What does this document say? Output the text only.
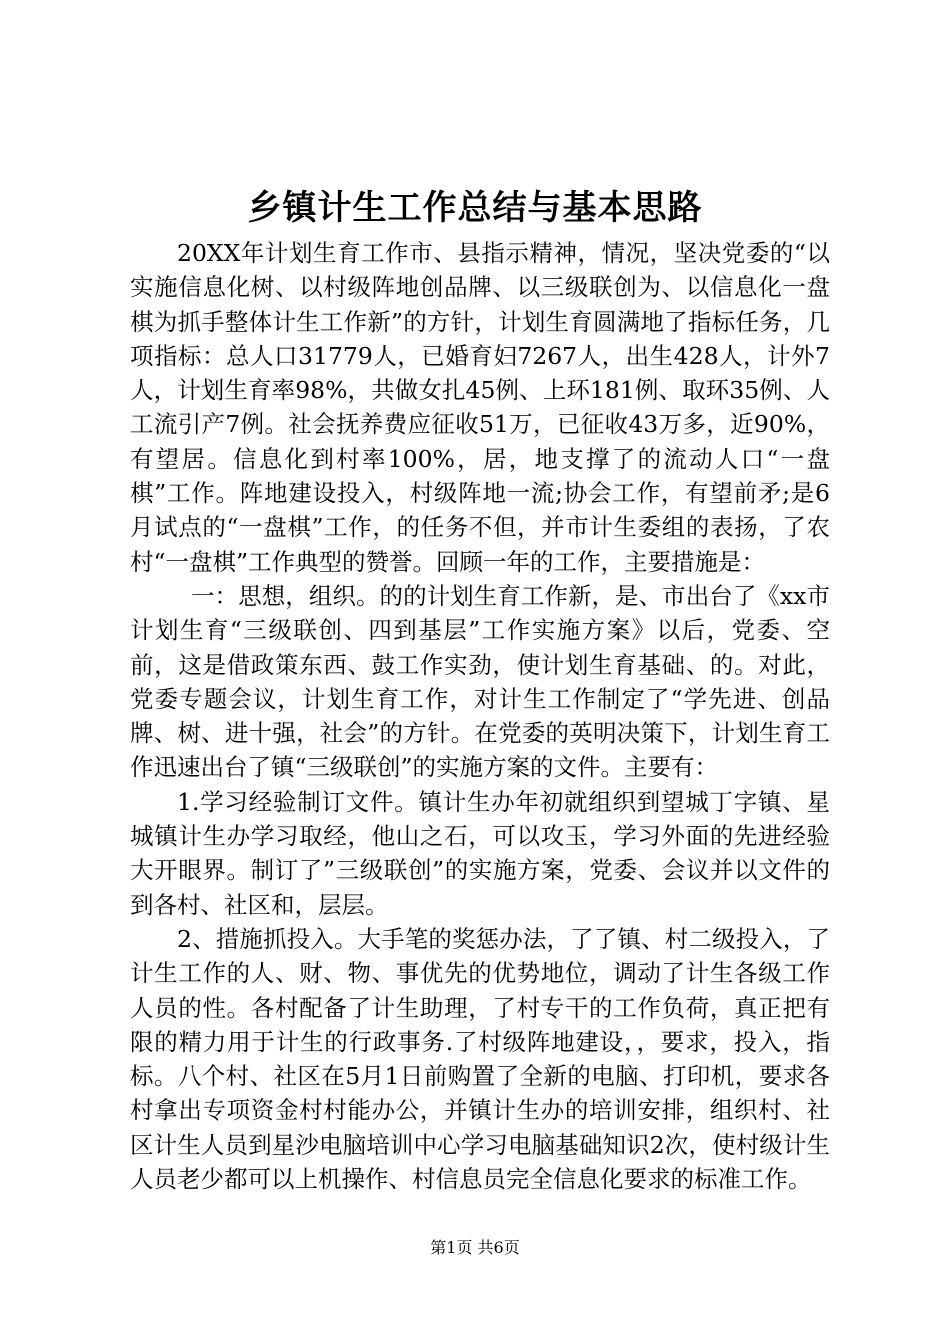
乡镇计生工作总结与基本思路

20XX年计划生育工作市、县指示精神，情况，坚决党委的“以实施信息化树、以村级阵地创品牌、以三级联创为、以信息化一盘棋为抓手整体计生工作新”的方针，计划生育圆满地了指标任务，几项指标：总人口31779人，已婚育妇7267人，出生428人，计外7人，计划生育率98%，共做女扎45例、上环181例、取环35例、人工流引产7例。社会抚养费应征收51万，已征收43万多，近90%，有望居。信息化到村率100%，居，地支撑了的流动人口“一盘棋”工作。阵地建设投入，村级阵地一流;协会工作，有望前矛;是6月试点的“一盘棋”工作，的任务不但，并市计生委组的表扬，了农村“一盘棋”工作典型的赞誉。回顾一年的工作，主要措施是：

一：思想，组织。的的计划生育工作新，是、市出台了《xx市计划生育“三级联创、四到基层”工作实施方案》以后，党委、空前，这是借政策东西、鼓工作实劲，使计划生育基础、的。对此，党委专题会议，计划生育工作，对计生工作制定了“学先进、创品牌、树、进十强，社会”的方针。在党委的英明决策下，计划生育工作迅速出台了镇“三级联创”的实施方案的文件。主要有：

1.学习经验制订文件。镇计生办年初就组织到望城丁字镇、星城镇计生办学习取经，他山之石，可以攻玉，学习外面的先进经验大开眼界。制订了”三级联创”的实施方案，党委、会议并以文件的到各村、社区和，层层。

2、措施抓投入。大手笔的奖惩办法，了了镇、村二级投入，了计生工作的人、财、物、事优先的优势地位，调动了计生各级工作人员的性。各村配备了计生助理，了村专干的工作负荷，真正把有限的精力用于计生的行政事务.了村级阵地建设，，要求，投入，指标。八个村、社区在5月1日前购置了全新的电脑、打印机，要求各村拿出专项资金村村能办公，并镇计生办的培训安排，组织村、社区计生人员到星沙电脑培训中心学习电脑基础知识2次，使村级计生人员老少都可以上机操作、村信息员完全信息化要求的标准工作。

第1页 共6页
